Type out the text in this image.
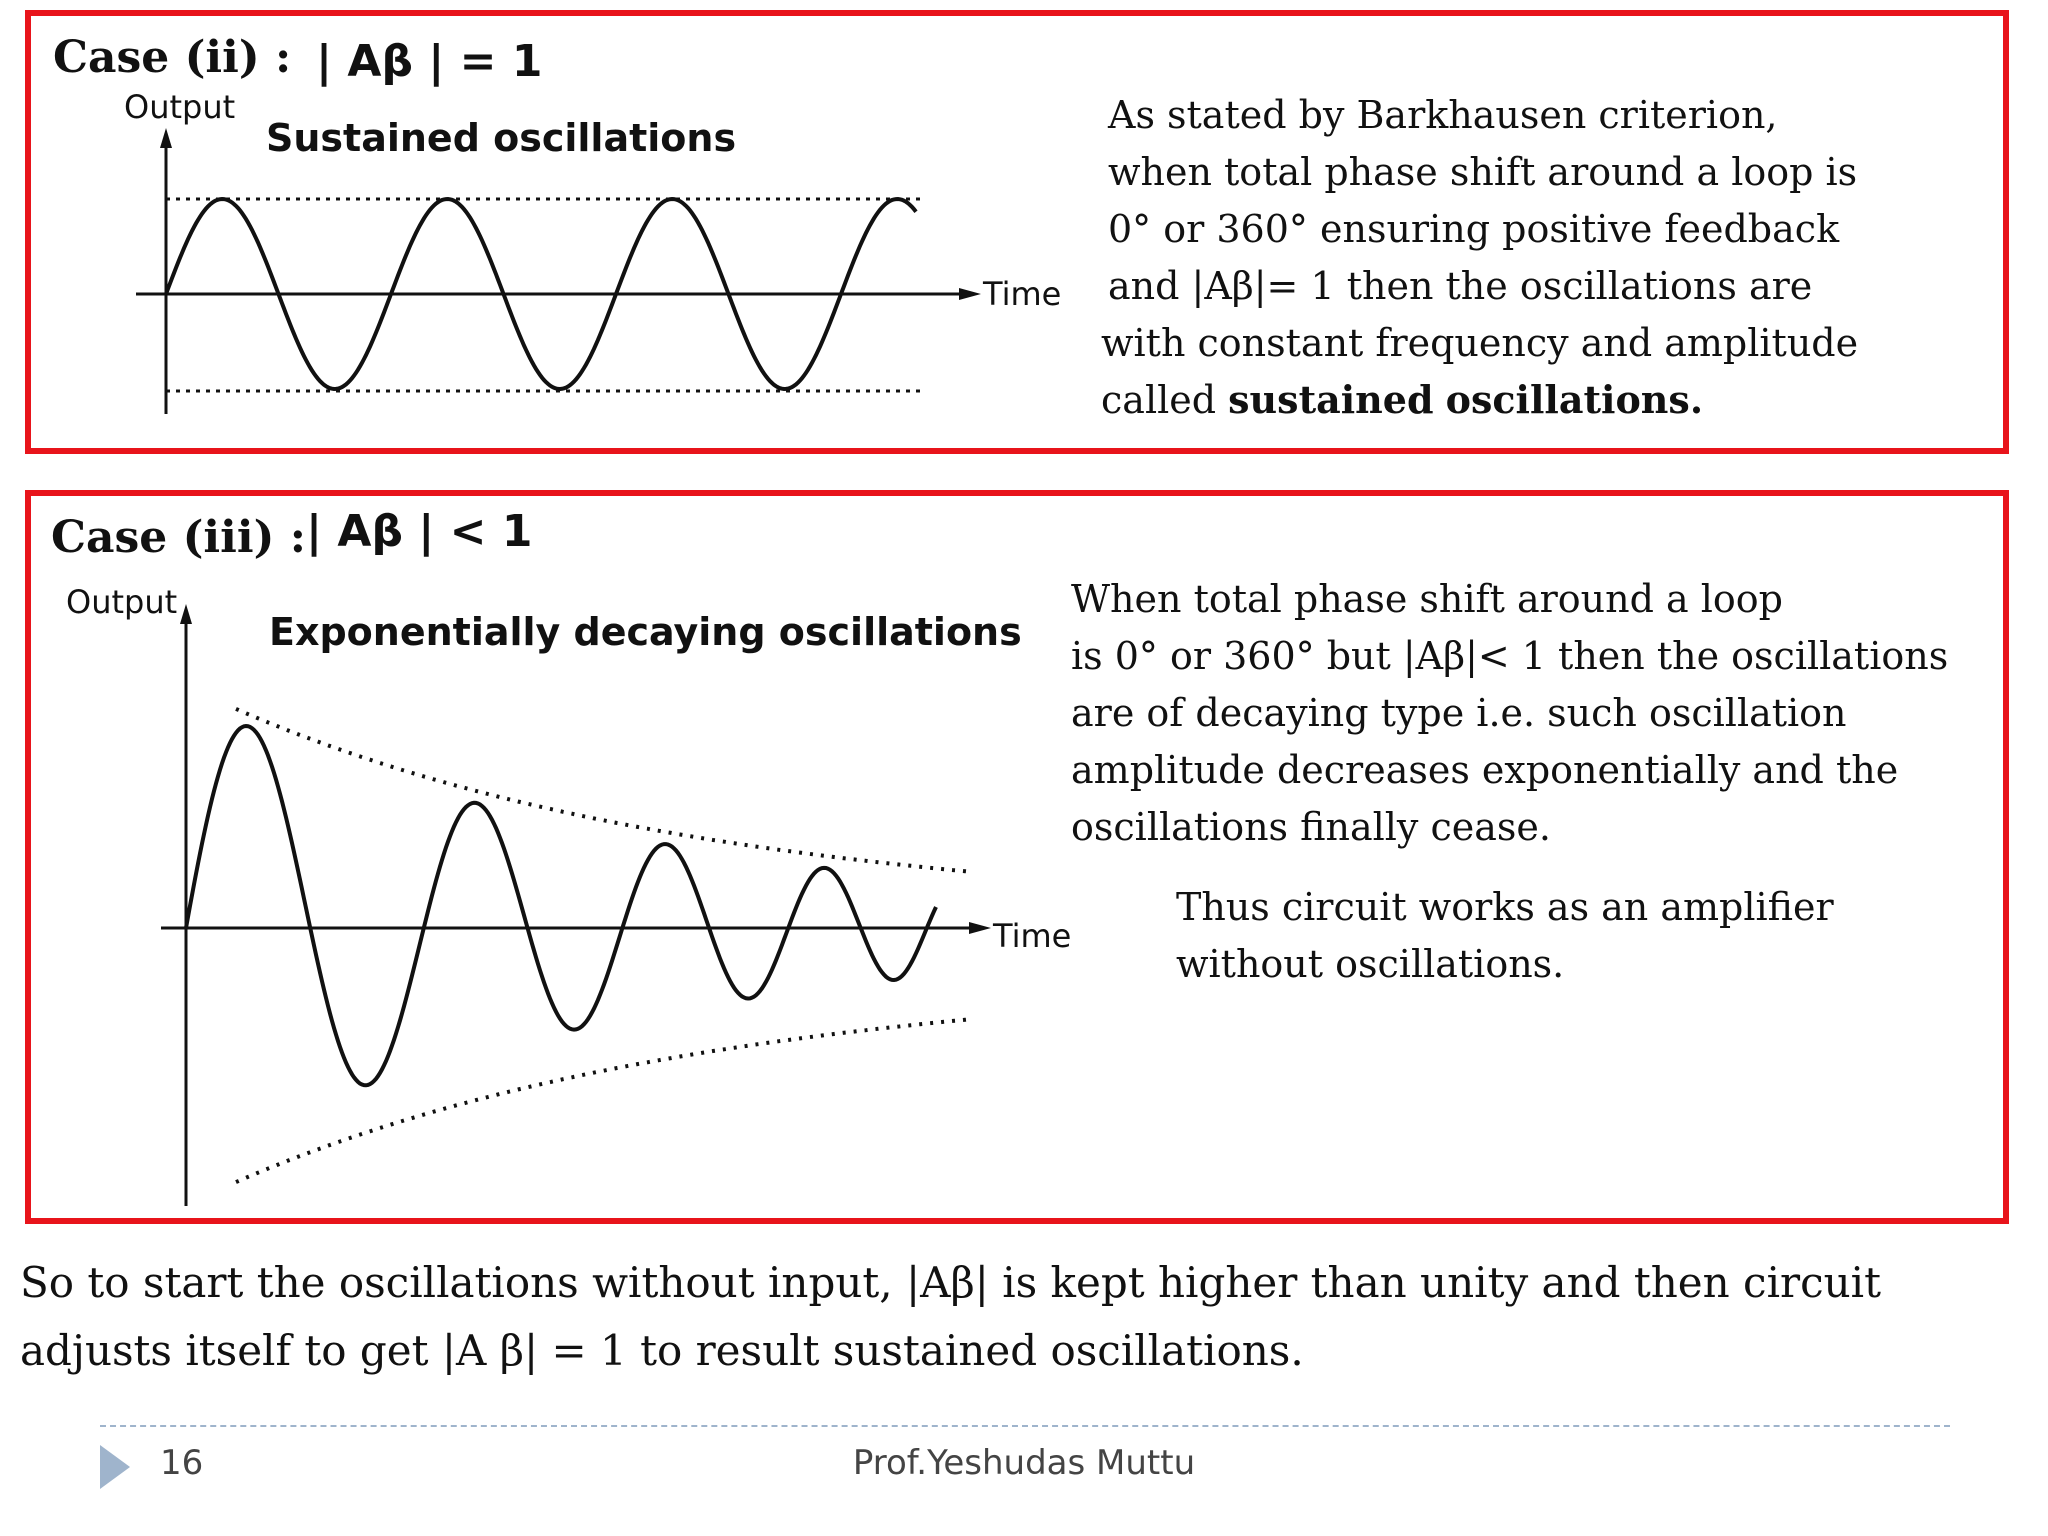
Case (ii) : | Aβ | = 1
Output
Sustained oscillations
Time
As stated by Barkhausen criterion,
when total phase shift around a loop is
0° or 360° ensuring positive feedback
and |Aβ|= 1 then the oscillations are
with constant frequency and amplitude
called sustained oscillations.
Case (iii) : | Aβ | < 1
Output
Exponentially decaying oscillations
Time
When total phase shift around a loop
is 0° or 360° but |Aβ|< 1 then the oscillations
are of decaying type i.e. such oscillation
amplitude decreases exponentially and the
oscillations finally cease.
Thus circuit works as an amplifier
without oscillations.
So to start the oscillations without input, |Aβ| is kept higher than unity and then circuit
adjusts itself to get |A β| = 1 to result sustained oscillations.
16	Prof.Yeshudas Muttu
